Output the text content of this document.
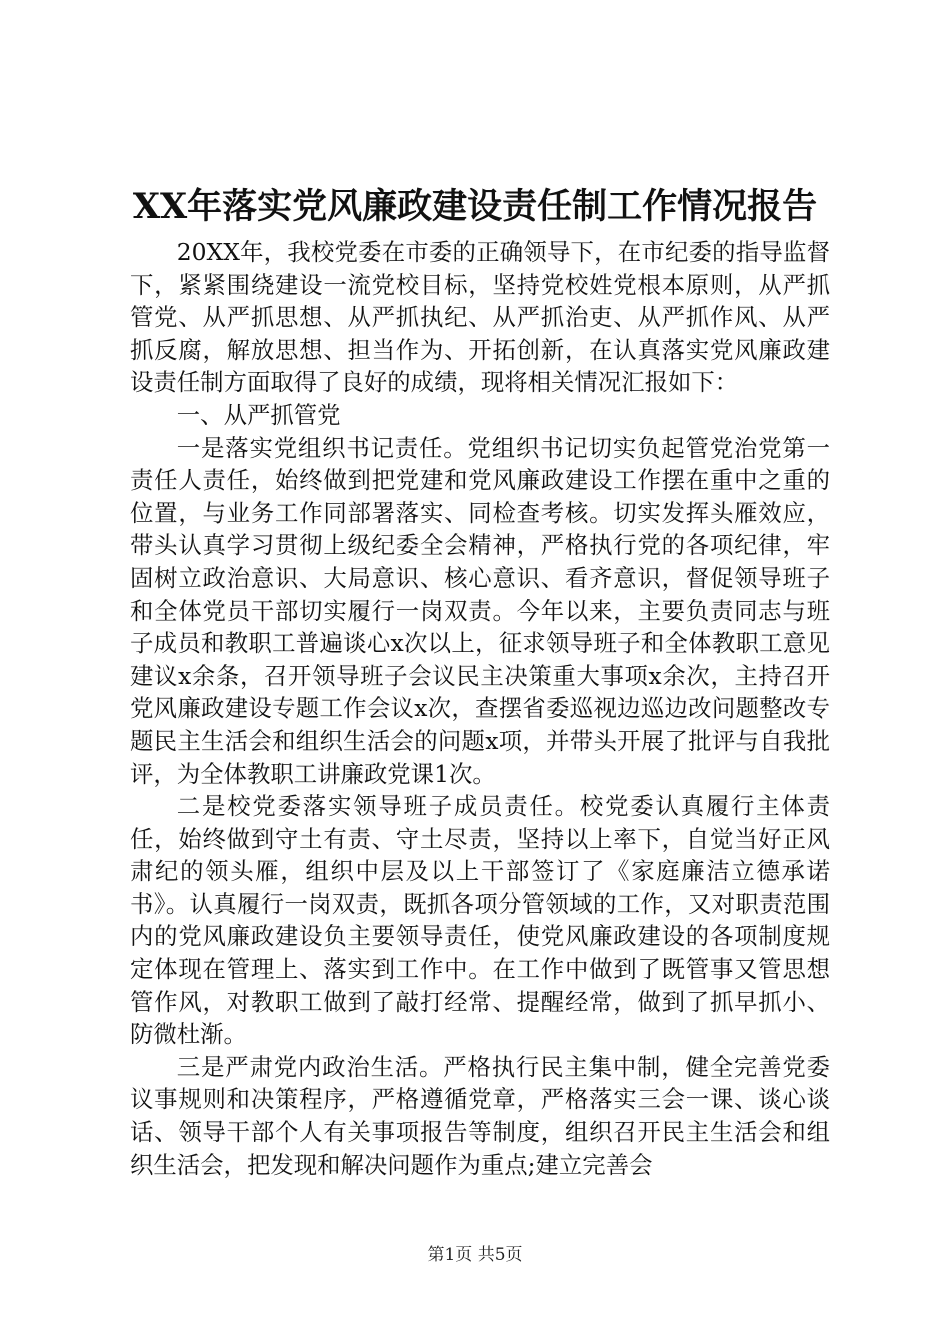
XX年落实党风廉政建设责任制工作情况报告

20XX年，我校党委在市委的正确领导下，在市纪委的指导监督下，紧紧围绕建设一流党校目标，坚持党校姓党根本原则，从严抓管党、从严抓思想、从严抓执纪、从严抓治吏、从严抓作风、从严抓反腐，解放思想、担当作为、开拓创新，在认真落实党风廉政建设责任制方面取得了良好的成绩，现将相关情况汇报如下：

一、从严抓管党

一是落实党组织书记责任。党组织书记切实负起管党治党第一责任人责任，始终做到把党建和党风廉政建设工作摆在重中之重的位置，与业务工作同部署落实、同检查考核。切实发挥头雁效应，带头认真学习贯彻上级纪委全会精神，严格执行党的各项纪律，牢固树立政治意识、大局意识、核心意识、看齐意识，督促领导班子和全体党员干部切实履行一岗双责。今年以来，主要负责同志与班子成员和教职工普遍谈心x次以上，征求领导班子和全体教职工意见建议x余条，召开领导班子会议民主决策重大事项x余次，主持召开党风廉政建设专题工作会议x次，查摆省委巡视边巡边改问题整改专题民主生活会和组织生活会的问题x项，并带头开展了批评与自我批评，为全体教职工讲廉政党课1次。

二是校党委落实领导班子成员责任。校党委认真履行主体责任，始终做到守土有责、守土尽责，坚持以上率下，自觉当好正风肃纪的领头雁，组织中层及以上干部签订了《家庭廉洁立德承诺书》。认真履行一岗双责，既抓各项分管领域的工作，又对职责范围内的党风廉政建设负主要领导责任，使党风廉政建设的各项制度规定体现在管理上、落实到工作中。在工作中做到了既管事又管思想管作风，对教职工做到了敲打经常、提醒经常，做到了抓早抓小、防微杜渐。

三是严肃党内政治生活。严格执行民主集中制，健全完善党委议事规则和决策程序，严格遵循党章，严格落实三会一课、谈心谈话、领导干部个人有关事项报告等制度，组织召开民主生活会和组织生活会，把发现和解决问题作为重点;建立完善会

第1页 共5页
